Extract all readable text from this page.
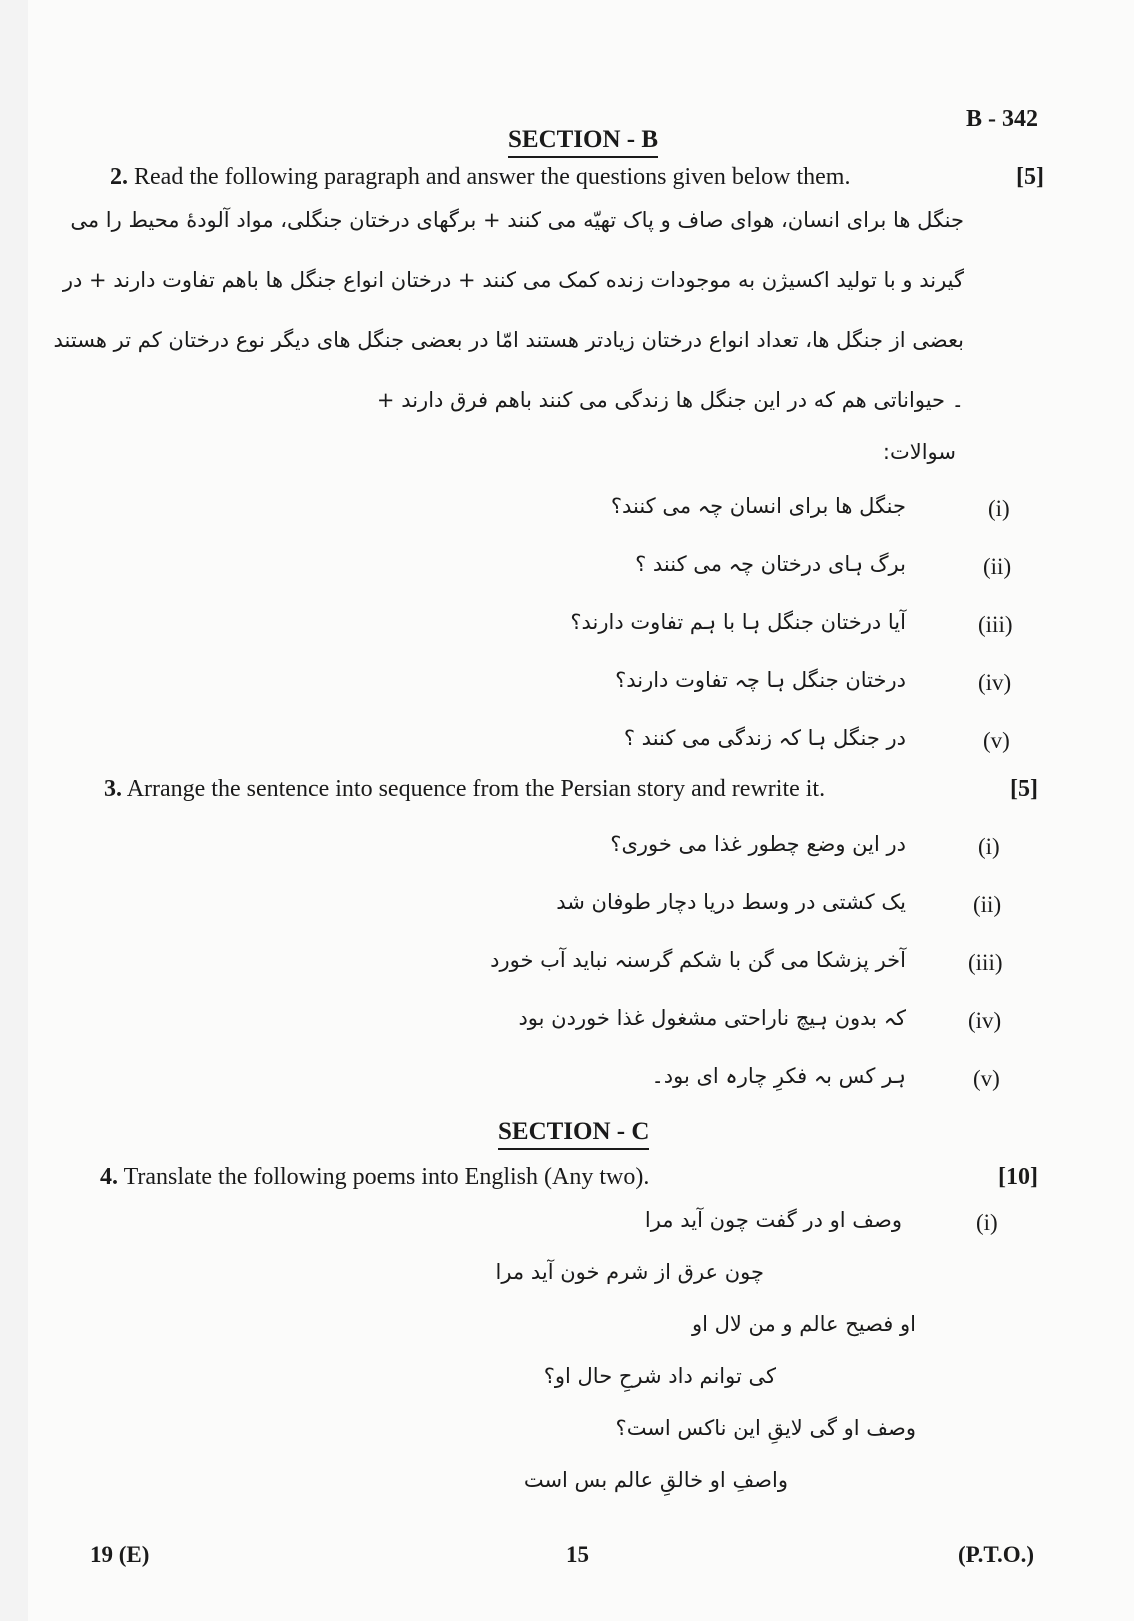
B - 342
SECTION - B
2. Read the following paragraph and answer the questions given below them.	[5]
جنگل ها برای انسان، هوای صاف و پاک تهیّه می کنند + برگهای درختان جنگلی، مواد آلودۀ محیط را می
گیرند و با تولید اکسیژن به موجودات زنده کمک می کنند + درختان انواع جنگل ها باهم تفاوت دارند + در
بعضی از جنگل ها، تعداد انواع درختان زیادتر هستند امّا در بعضی جنگل های دیگر نوع درختان کم تر هستند
۔ حیواناتی هم که در این جنگل ها زندگی می کنند باهم فرق دارند +
سوالات:
(i)
جنگل ها برای انسان چہ می کنند؟
(ii)
برگ ہای درختان چہ می کنند ؟
(iii)
آیا درختان جنگل ہا با ہم تفاوت دارند؟
(iv)
درختان جنگل ہا چہ تفاوت دارند؟
(v)
در جنگل ہا کہ زندگی می کنند ؟
3. Arrange the sentence into sequence from the Persian story and rewrite it.	[5]
(i)
در این وضع چطور غذا می خوری؟
(ii)
یک کشتی در وسط دریا دچار طوفان شد
(iii)
آخر پزشکا می گن با شکم گرسنہ نباید آب خورد
(iv)
کہ بدون ہیچ ناراحتی مشغول غذا خوردن بود
(v)
ہر کس بہ فکرِ چارہ ای بود۔
SECTION - C
4. Translate the following poems into English (Any two).	[10]
(i)
وصف او در گفت چون آید مرا
چون عرق از شرم خون آید مرا
او فصیح عالم و من لال او
کی توانم داد شرحِ حال او؟
وصف او گی لایقِ این ناکس است؟
واصفِ او خالقِ عالم بس است
19 (E)	15	(P.T.O.)
